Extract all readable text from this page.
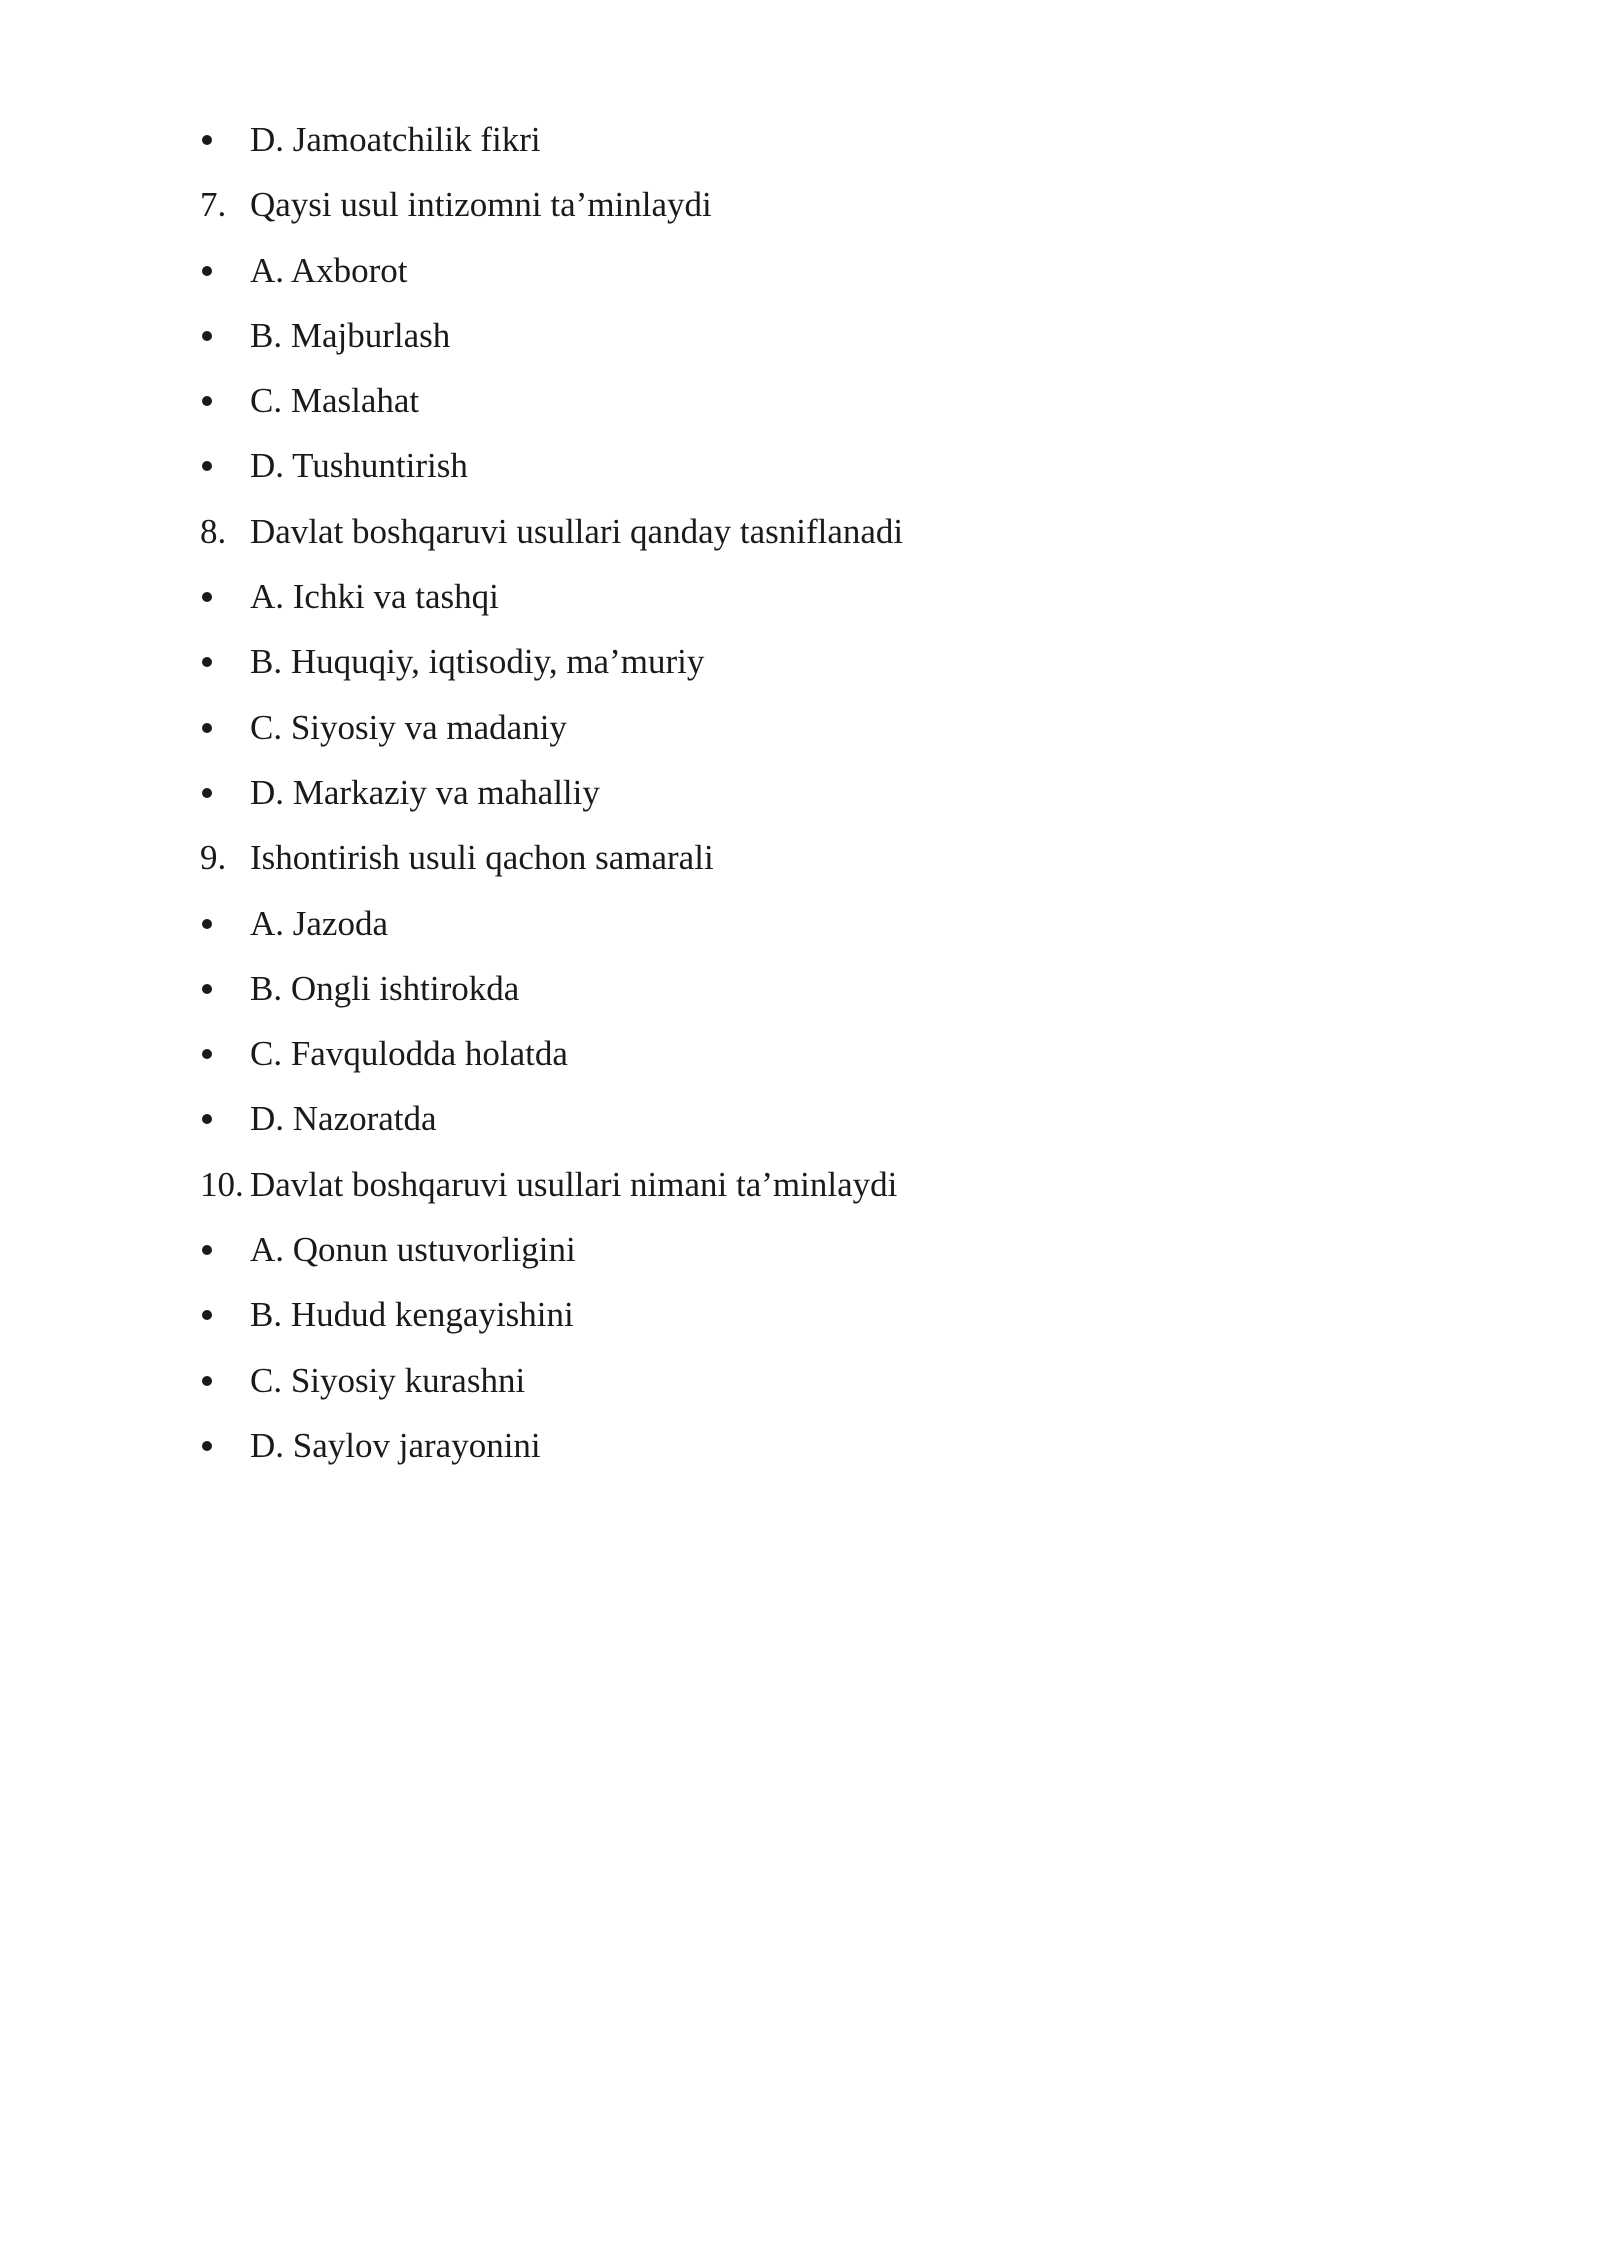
D. Jamoatchilik fikri
7. Qaysi usul intizomni ta’minlaydi
A. Axborot
B. Majburlash
C. Maslahat
D. Tushuntirish
8. Davlat boshqaruvi usullari qanday tasniflanadi
A. Ichki va tashqi
B. Huquqiy, iqtisodiy, ma’muriy
C. Siyosiy va madaniy
D. Markaziy va mahalliy
9. Ishontirish usuli qachon samarali
A. Jazoda
B. Ongli ishtirokda
C. Favqulodda holatda
D. Nazoratda
10. Davlat boshqaruvi usullari nimani ta’minlaydi
A. Qonun ustuvorligini
B. Hudud kengayishini
C. Siyosiy kurashni
D. Saylov jarayonini
